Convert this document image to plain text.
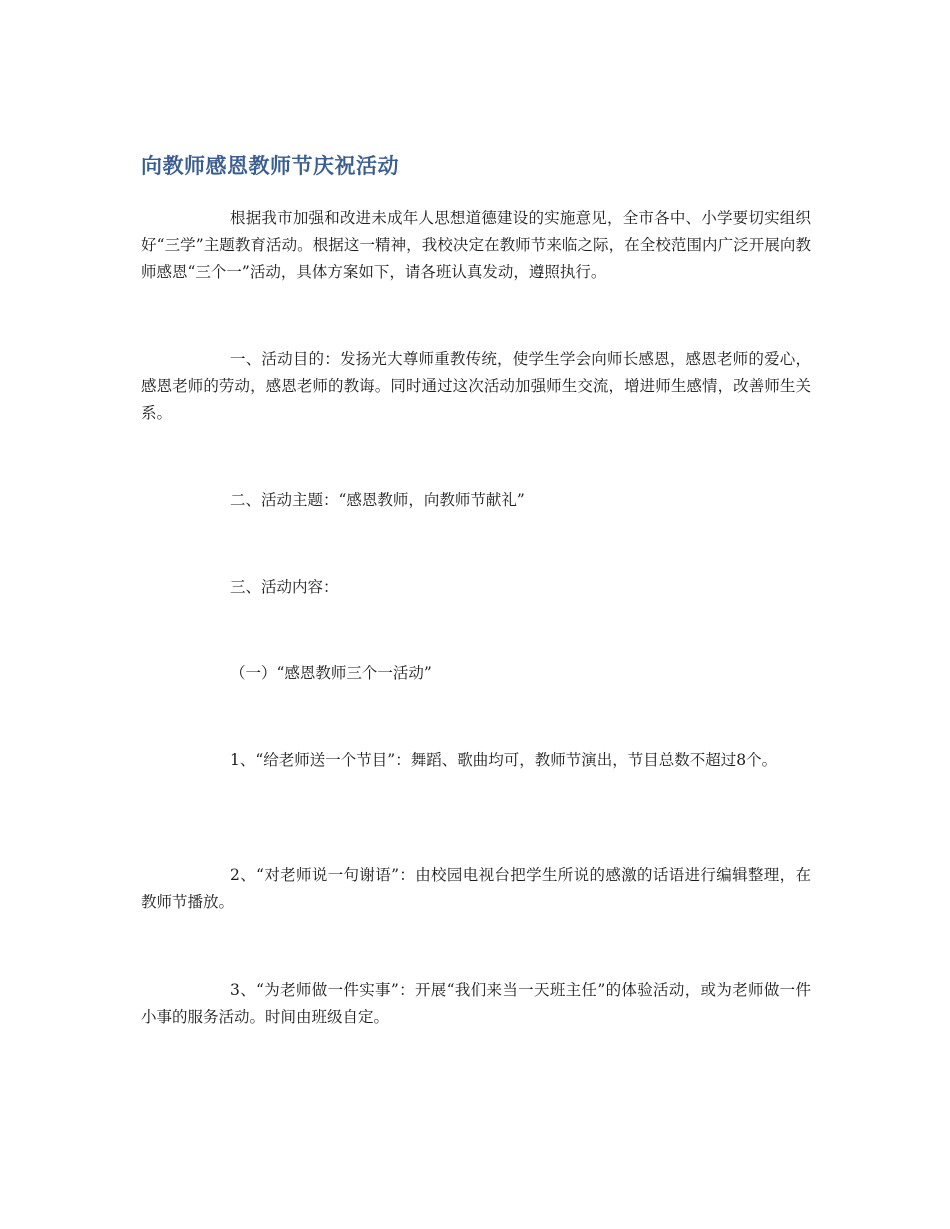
向教师感恩教师节庆祝活动

根据我市加强和改进未成年人思想道德建设的实施意见，全市各中、小学要切实组织好“三学”主题教育活动。根据这一精神，我校决定在教师节来临之际，在全校范围内广泛开展向教师感恩“三个一”活动，具体方案如下，请各班认真发动，遵照执行。

一、活动目的：发扬光大尊师重教传统，使学生学会向师长感恩，感恩老师的爱心，感恩老师的劳动，感恩老师的教诲。同时通过这次活动加强师生交流，增进师生感情，改善师生关系。

二、活动主题：“感恩教师，向教师节献礼”

三、活动内容：

（一）“感恩教师三个一活动”

1、“给老师送一个节目”：舞蹈、歌曲均可，教师节演出，节目总数不超过8个。

2、“对老师说一句谢语”：由校园电视台把学生所说的感激的话语进行编辑整理，在教师节播放。

3、“为老师做一件实事”：开展“我们来当一天班主任”的体验活动，或为老师做一件小事的服务活动。时间由班级自定。
